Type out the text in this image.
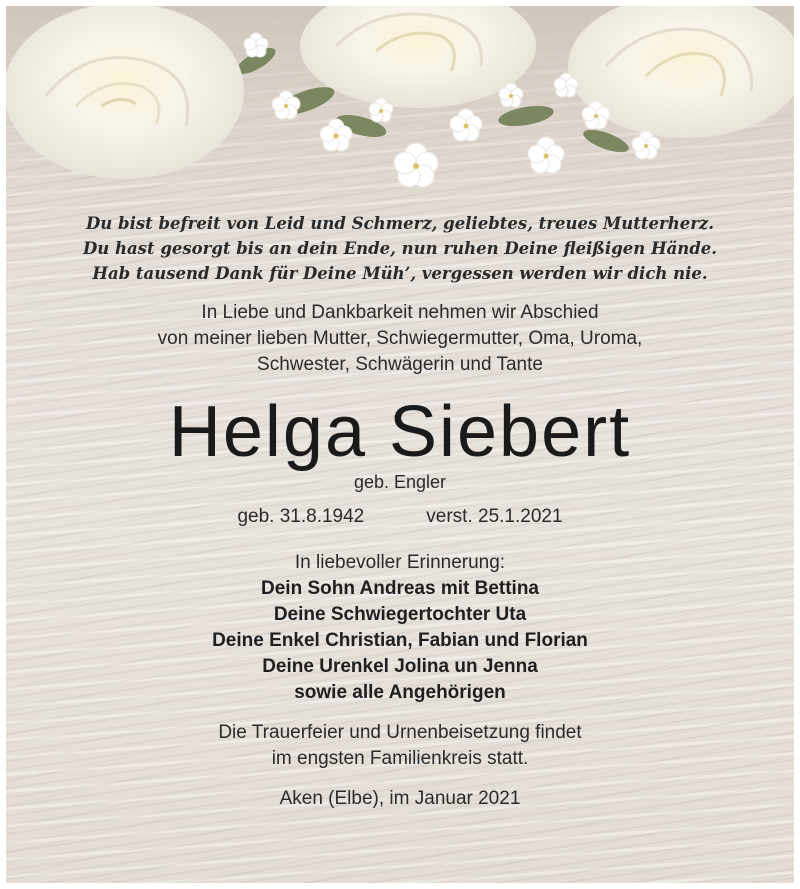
Du bist befreit von Leid und Schmerz, geliebtes, treues Mutterherz.
Du hast gesorgt bis an dein Ende, nun ruhen Deine fleißigen Hände.
Hab tausend Dank für Deine Müh’, vergessen werden wir dich nie.
In Liebe und Dankbarkeit nehmen wir Abschied
von meiner lieben Mutter, Schwiegermutter, Oma, Uroma,
Schwester, Schwägerin und Tante
Helga Siebert
geb. Engler
geb. 31.8.1942	verst. 25.1.2021
In liebevoller Erinnerung:
Dein Sohn Andreas mit Bettina
Deine Schwiegertochter Uta
Deine Enkel Christian, Fabian und Florian
Deine Urenkel Jolina un Jenna
sowie alle Angehörigen
Die Trauerfeier und Urnenbeisetzung findet
im engsten Familienkreis statt.
Aken (Elbe), im Januar 2021
